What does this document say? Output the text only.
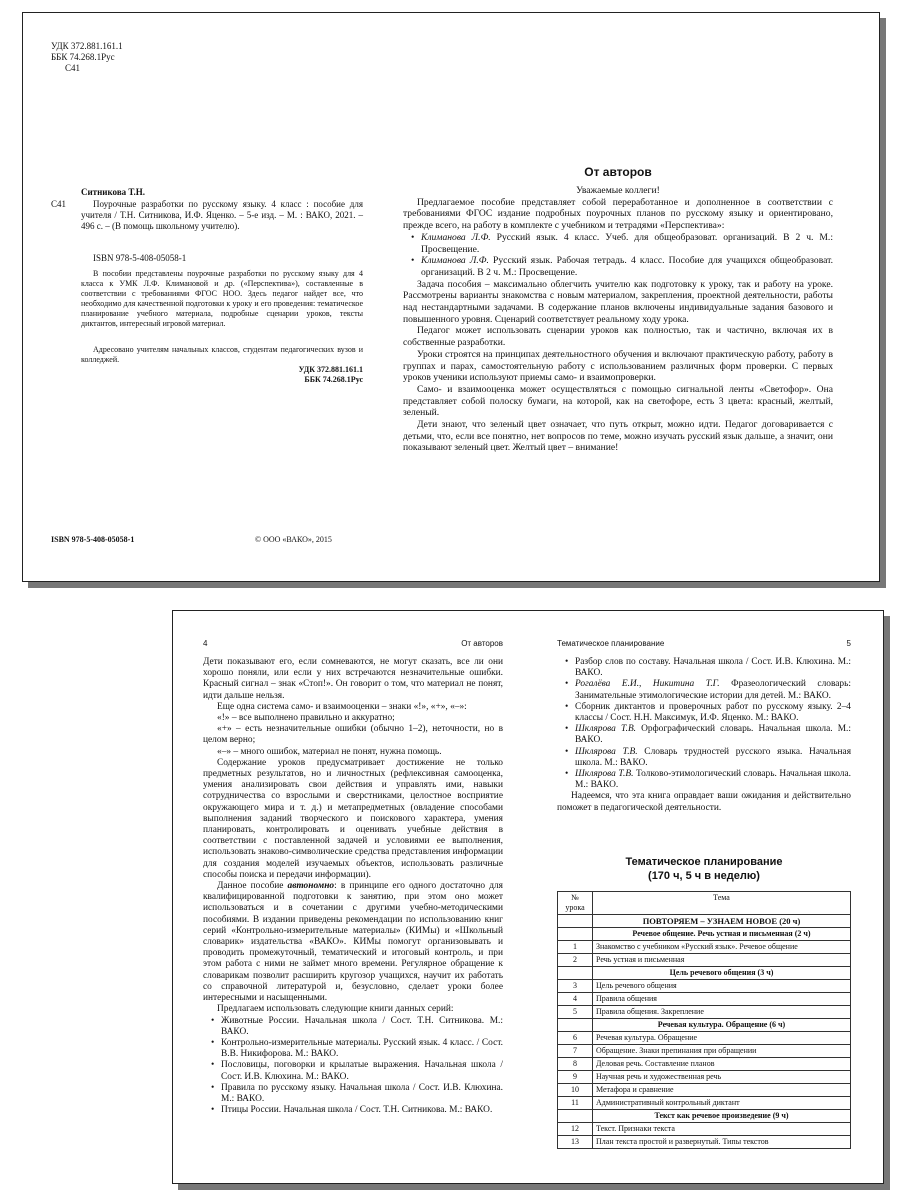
УДК 372.881.161.1
ББК 74.268.1Рус
С41
Ситникова Т.Н.
С41	Поурочные разработки по русскому языку. 4 класс : пособие для учителя / Т.Н. Ситникова, И.Ф. Яценко. – 5-е изд. – М. : ВАКО, 2021. – 496 с. – (В помощь школьному учителю).
ISBN 978-5-408-05058-1
В пособии представлены поурочные разработки по русскому языку для 4 класса к УМК Л.Ф. Климановой и др. («Перспектива»), составленные в соответствии с требованиями ФГОС НОО. Здесь педагог найдет все, что необходимо для качественной подготовки к уроку и его проведения: тематическое планирование учебного материала, подробные сценарии уроков, тексты диктантов, интересный игровой материал.
Адресовано учителям начальных классов, студентам педагогических вузов и колледжей.
УДК 372.881.161.1
ББК 74.268.1Рус
ISBN 978-5-408-05058-1	© ООО «ВАКО», 2015
От авторов
Уважаемые коллеги!

Предлагаемое пособие представляет собой переработанное и дополненное в соответствии с требованиями ФГОС издание подробных поурочных планов по русскому языку и ориентировано, прежде всего, на работу в комплекте с учебником и тетрадями «Перспектива»:

• Климанова Л.Ф. Русский язык. 4 класс. Учеб. для общеобразоват. организаций. В 2 ч. М.: Просвещение.
• Климанова Л.Ф. Русский язык. Рабочая тетрадь. 4 класс. Пособие для учащихся общеобразоват. организаций. В 2 ч. М.: Просвещение.

Задача пособия – максимально облегчить учителю как подготовку к уроку, так и работу на уроке. Рассмотрены варианты знакомства с новым материалом, закрепления, проектной деятельности, работы над нестандартными задачами. В содержание планов включены индивидуальные задания базового и повышенного уровня. Сценарий соответствует реальному ходу урока.

Педагог может использовать сценарии уроков как полностью, так и частично, включая их в собственные разработки.

Уроки строятся на принципах деятельностного обучения и включают практическую работу, работу в группах и парах, самостоятельную работу с использованием различных форм проверки. С первых уроков ученики используют приемы само- и взаимопроверки.

Само- и взаимооценка может осуществляться с помощью сигнальной ленты «Светофор». Она представляет собой полоску бумаги, на которой, как на светофоре, есть 3 цвета: красный, желтый, зеленый.

Дети знают, что зеленый цвет означает, что путь открыт, можно идти. Педагог договаривается с детьми, что, если все понятно, нет вопросов по теме, можно изучать русский язык дальше, а значит, они показывают зеленый цвет. Желтый цвет – внимание!

4	От авторов

Дети показывают его, если сомневаются, не могут сказать, все ли они хорошо поняли, или если у них встречаются незначительные ошибки. Красный сигнал – знак «Стоп!». Он говорит о том, что материал не понят, идти дальше нельзя.

Еще одна система само- и взаимооценки – знаки «!», «+», «–»:

«!» – все выполнено правильно и аккуратно;

«+» – есть незначительные ошибки (обычно 1–2), неточности, но в целом верно;

«–» – много ошибок, материал не понят, нужна помощь.

Содержание уроков предусматривает достижение не только предметных результатов, но и личностных (рефлексивная самооценка, умения анализировать свои действия и управлять ими, навыки сотрудничества со взрослыми и сверстниками, целостное восприятие окружающего мира и т. д.) и метапредметных (овладение способами выполнения заданий творческого и поискового характера, умения планировать, контролировать и оценивать учебные действия в соответствии с поставленной задачей и условиями ее выполнения, использовать знаково-символические средства представления информации для создания моделей изучаемых объектов, использовать различные способы поиска и передачи информации).

Данное пособие автономно: в принципе его одного достаточно для квалифицированной подготовки к занятию, при этом оно может использоваться и в сочетании с другими учебно-методическими пособиями. В издании приведены рекомендации по использованию книг серий «Контрольно-измерительные материалы» (КИМы) и «Школьный словарик» издательства «ВАКО». КИМы помогут организовывать и проводить промежуточный, тематический и итоговый контроль, и при этом работа с ними не займет много времени. Регулярное обращение к словарикам позволит расширить кругозор учащихся, научит их работать со справочной литературой и, безусловно, сделает уроки более интересными и насыщенными.

Предлагаем использовать следующие книги данных серий:

• Животные России. Начальная школа / Сост. Т.Н. Ситникова. М.: ВАКО.
• Контрольно-измерительные материалы. Русский язык. 4 класс. / Сост. В.В. Никифорова. М.: ВАКО.
• Пословицы, поговорки и крылатые выражения. Начальная школа / Сост. И.В. Клюхина. М.: ВАКО.
• Правила по русскому языку. Начальная школа / Сост. И.В. Клюхина. М.: ВАКО.
• Птицы России. Начальная школа / Сост. Т.Н. Ситникова. М.: ВАКО.
Тематическое планирование	5
• Разбор слов по составу. Начальная школа / Сост. И.В. Клюхина. М.: ВАКО.
• Рогалёва Е.И., Никитина Т.Г. Фразеологический словарь: Занимательные этимологические истории для детей. М.: ВАКО.
• Сборник диктантов и проверочных работ по русскому языку. 2–4 классы / Сост. Н.Н. Максимук, И.Ф. Яценко. М.: ВАКО.
• Шклярова Т.В. Орфографический словарь. Начальная школа. М.: ВАКО.
• Шклярова Т.В. Словарь трудностей русского языка. Начальная школа. М.: ВАКО.
• Шклярова Т.В. Толково-этимологический словарь. Начальная школа. М.: ВАКО.

Надеемся, что эта книга оправдает ваши ожидания и действительно поможет в педагогической деятельности.

Тематическое планирование
(170 ч, 5 ч в неделю)
№ урока	Тема
	ПОВТОРЯЕМ – УЗНАЕМ НОВОЕ (20 ч)
	Речевое общение. Речь устная и письменная (2 ч)
1	Знакомство с учебником «Русский язык». Речевое общение
2	Речь устная и письменная
	Цель речевого общения (3 ч)
3	Цель речевого общения
4	Правила общения
5	Правила общения. Закрепление
	Речевая культура. Обращение (6 ч)
6	Речевая культура. Обращение
7	Обращение. Знаки препинания при обращении
8	Деловая речь. Составление планов
9	Научная речь и художественная речь
10	Метафора и сравнение
11	Административный контрольный диктант
	Текст как речевое произведение (9 ч)
12	Текст. Признаки текста
13	План текста простой и развернутый. Типы текстов
